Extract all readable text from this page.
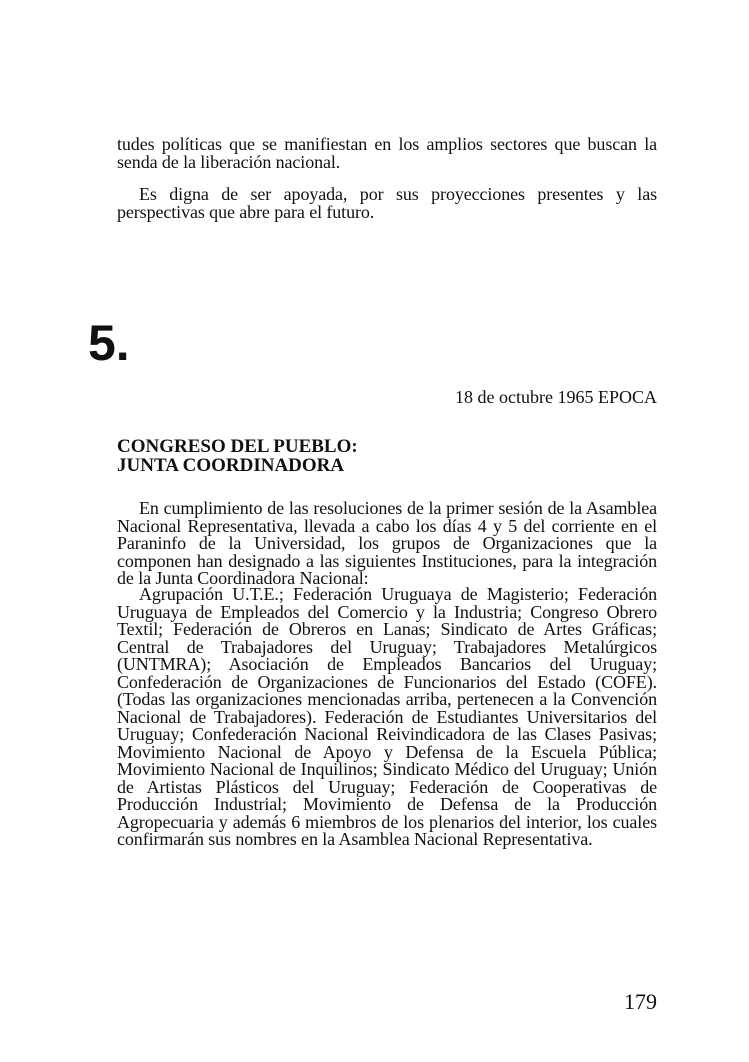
tudes políticas que se manifiestan en los amplios sectores que buscan la senda de la liberación nacional.

Es digna de ser apoyada, por sus proyecciones presentes y las perspectivas que abre para el futuro.

5.

18 de octubre 1965 EPOCA

CONGRESO DEL PUEBLO:
JUNTA COORDINADORA

En cumplimiento de las resoluciones de la primer sesión de la Asamblea Nacional Representativa, llevada a cabo los días 4 y 5 del corriente en el Paraninfo de la Universidad, los grupos de Organizaciones que la componen han designado a las siguientes Instituciones, para la integración de la Junta Coordinadora Nacional:

Agrupación U.T.E.; Federación Uruguaya de Magisterio; Federación Uruguaya de Empleados del Comercio y la Industria; Congreso Obrero Textil; Federación de Obreros en Lanas; Sindicato de Artes Gráficas; Central de Trabajadores del Uruguay; Trabajadores Metalúrgicos (UNTMRA); Asociación de Empleados Bancarios del Uruguay; Confederación de Organizaciones de Funcionarios del Estado (COFE). (Todas las organizaciones mencionadas arriba, pertenecen a la Convención Nacional de Trabajadores). Federación de Estudiantes Universitarios del Uruguay; Confederación Nacional Reivindicadora de las Clases Pasivas; Movimiento Nacional de Apoyo y Defensa de la Escuela Pública; Movimiento Nacional de Inquilinos; Sindicato Médico del Uruguay; Unión de Artistas Plásticos del Uruguay; Federación de Cooperativas de Producción Industrial; Movimiento de Defensa de la Producción Agropecuaria y además 6 miembros de los plenarios del interior, los cuales confirmarán sus nombres en la Asamblea Nacional Representativa.

179
